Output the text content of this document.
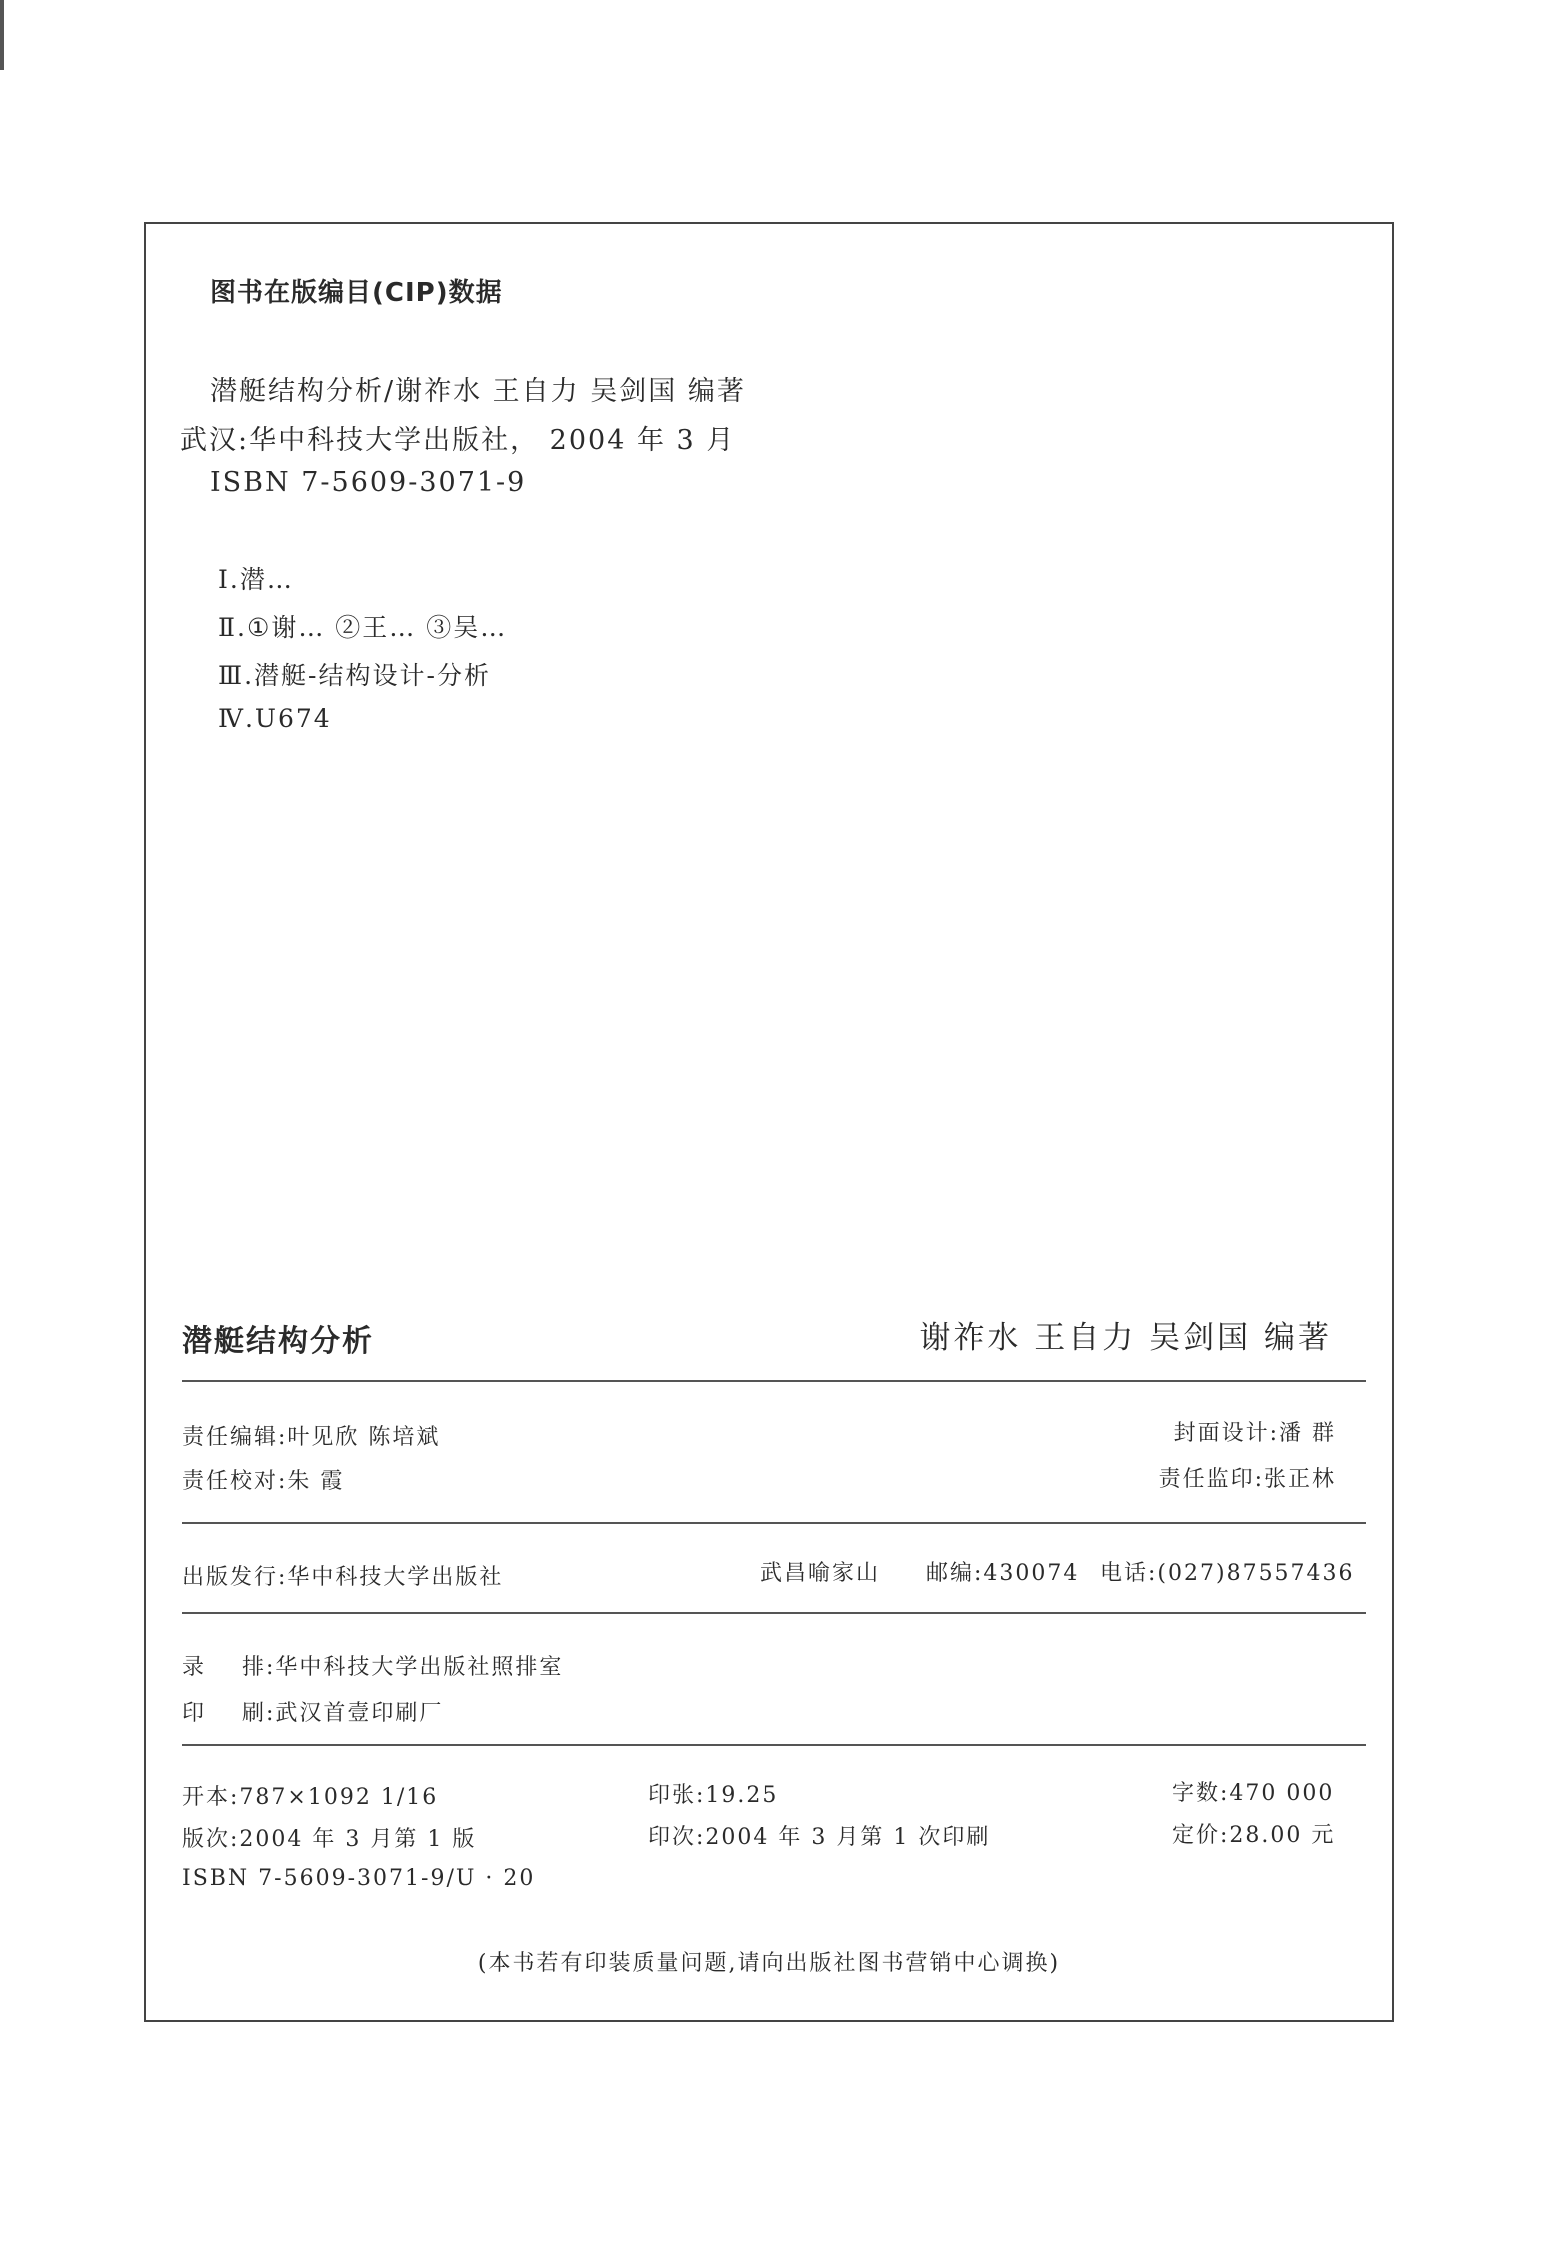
图书在版编目(CIP)数据
潜艇结构分析/谢祚水 王自力 吴剑国 编著
武汉:华中科技大学出版社， 2004 年 3 月
ISBN 7-5609-3071-9
Ⅰ.潜…
Ⅱ.①谢… ②王… ③吴…
Ⅲ.潜艇-结构设计-分析
Ⅳ.U674
潜艇结构分析	谢祚水 王自力 吴剑国 编著
责任编辑:叶见欣 陈培斌	封面设计:潘 群
责任校对:朱 霞	责任监印:张正林
出版发行:华中科技大学出版社	武昌喻家山 邮编:430074 电话:(027)87557436
录    排:华中科技大学出版社照排室
印    刷:武汉首壹印刷厂
开本:787×1092 1/16	印张:19.25	字数:470 000
版次:2004 年 3 月第 1 版	印次:2004 年 3 月第 1 次印刷	定价:28.00 元
ISBN 7-5609-3071-9/U · 20
(本书若有印装质量问题,请向出版社图书营销中心调换)
